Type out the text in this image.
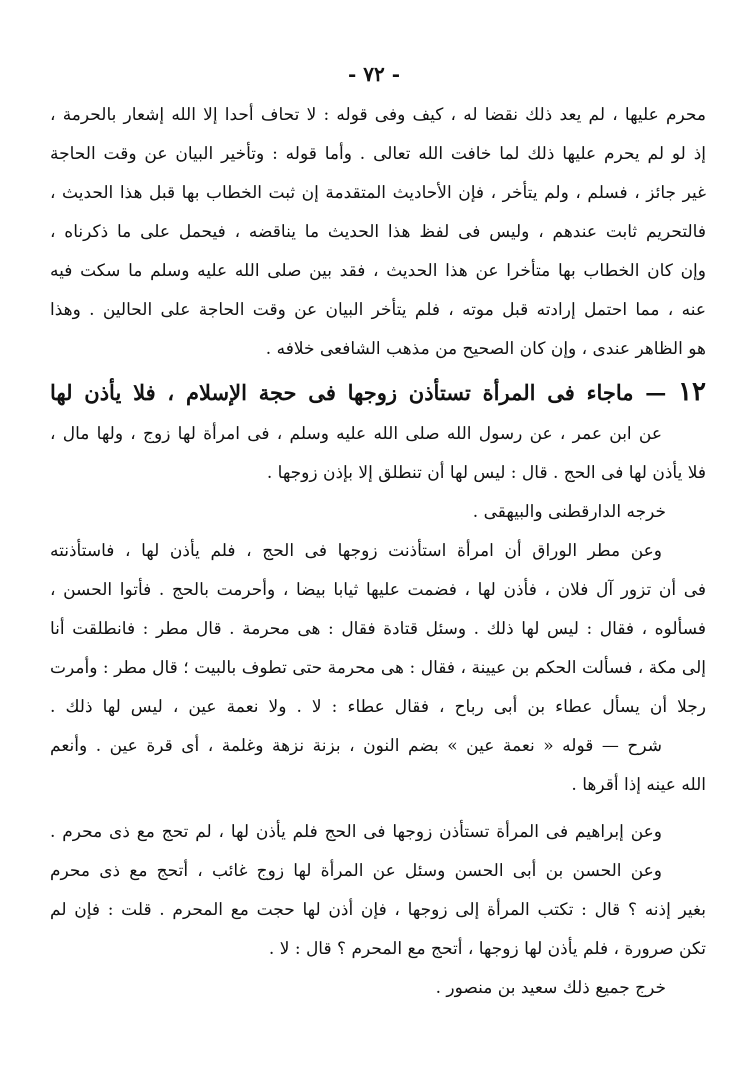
- ٧٢ -
محرم عليها ، لم يعد ذلك نقضا له ، كيف وفى قوله : لا تحاف أحدا إلا الله إشعار بالحرمة ،
إذ لو لم يحرم عليها ذلك لما خافت الله تعالى . وأما قوله : وتأخير البيان عن وقت الحاجة
غير جائز ، فسلم ، ولم يتأخر ، فإن الأحاديث المتقدمة إن ثبت الخطاب بها قبل هذا الحديث ،
فالتحريم ثابت عندهم ، وليس فى لفظ هذا الحديث ما يناقضه ، فيحمل على ما ذكرناه ،
وإن كان الخطاب بها متأخرا عن هذا الحديث ، فقد بين صلى الله عليه وسلم ما سكت فيه
عنه ، مما احتمل إرادته قبل موته ، فلم يتأخر البيان عن وقت الحاجة على الحالين . وهذا
هو الظاهر عندى ، وإن كان الصحيح من مذهب الشافعى خلافه .
١٢ — ماجاء فى المرأة تستأذن زوجها فى حجة الإسلام ، فلا يأذن لها
عن ابن عمر ، عن رسول الله صلى الله عليه وسلم ، فى امرأة لها زوج ، ولها مال ،
فلا يأذن لها فى الحج . قال : ليس لها أن تنطلق إلا بإذن زوجها .
خرجه الدارقطنى والبيهقى .
وعن مطر الوراق أن امرأة استأذنت زوجها فى الحج ، فلم يأذن لها ، فاستأذنته
فى أن تزور آل فلان ، فأذن لها ، فضمت عليها ثيابا بيضا ، وأحرمت بالحج . فأتوا الحسن ،
فسألوه ، فقال : ليس لها ذلك . وسئل قتادة فقال : هى محرمة . قال مطر : فانطلقت أنا
إلى مكة ، فسألت الحكم بن عيينة ، فقال : هى محرمة حتى تطوف بالبيت ؛ قال مطر : وأمرت
رجلا أن يسأل عطاء بن أبى رباح ، فقال عطاء : لا . ولا نعمة عين ، ليس لها ذلك .
شرح — قوله « نعمة عين » بضم النون ، بزنة نزهة وغلمة ، أى قرة عين . وأنعم
الله عينه إذا أقرها .
وعن إبراهيم فى المرأة تستأذن زوجها فى الحج فلم يأذن لها ، لم تحج مع ذى محرم .
وعن الحسن بن أبى الحسن وسئل عن المرأة لها زوج غائب ، أتحج مع ذى محرم
بغير إذنه ؟ قال : تكتب المرأة إلى زوجها ، فإن أذن لها حجت مع المحرم . قلت : فإن لم
تكن صرورة ، فلم يأذن لها زوجها ، أتحج مع المحرم ؟ قال : لا .
خرج جميع ذلك سعيد بن منصور .
